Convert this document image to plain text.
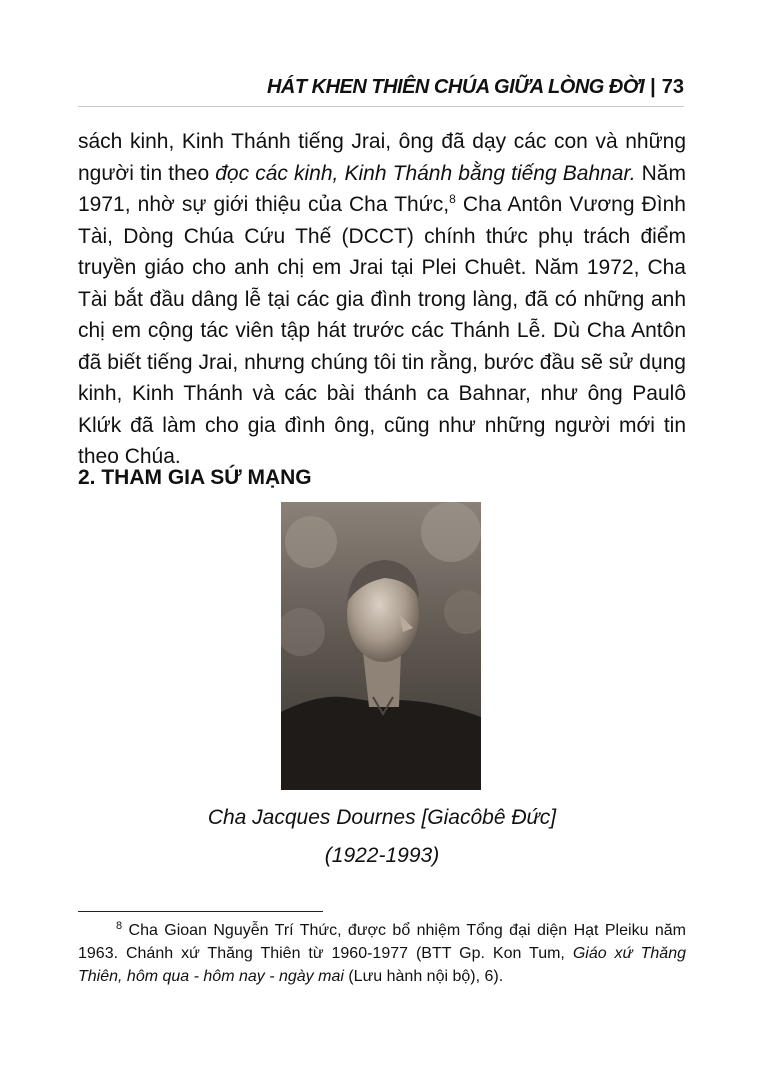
HÁT KHEN THIÊN CHÚA GIỮA LÒNG ĐỜI | 73

sách kinh, Kinh Thánh tiếng Jrai, ông đã dạy các con và những người tin theo đọc các kinh, Kinh Thánh bằng tiếng Bahnar. Năm 1971, nhờ sự giới thiệu của Cha Thức,$^8$ Cha Antôn Vương Đình Tài, Dòng Chúa Cứu Thế (DCCT) chính thức phụ trách điểm truyền giáo cho anh chị em Jrai tại Plei Chuêt. Năm 1972, Cha Tài bắt đầu dâng lễ tại các gia đình trong làng, đã có những anh chị em cộng tác viên tập hát trước các Thánh Lễ. Dù Cha Antôn đã biết tiếng Jrai, nhưng chúng tôi tin rằng, bước đầu sẽ sử dụng kinh, Kinh Thánh và các bài thánh ca Bahnar, như ông Paulô Klứk đã làm cho gia đình ông, cũng như những người mới tin theo Chúa.

2. THAM GIA SỨ MẠNG

Cha Jacques Dournes [Giacôbê Đức]

(1922-1993)

$^8$ Cha Gioan Nguyễn Trí Thức, được bổ nhiệm Tổng đại diện Hạt Pleiku năm 1963. Chánh xứ Thăng Thiên từ 1960-1977 (BTT Gp. Kon Tum, Giáo xứ Thăng Thiên, hôm qua - hôm nay - ngày mai (Lưu hành nội bộ), 6).
